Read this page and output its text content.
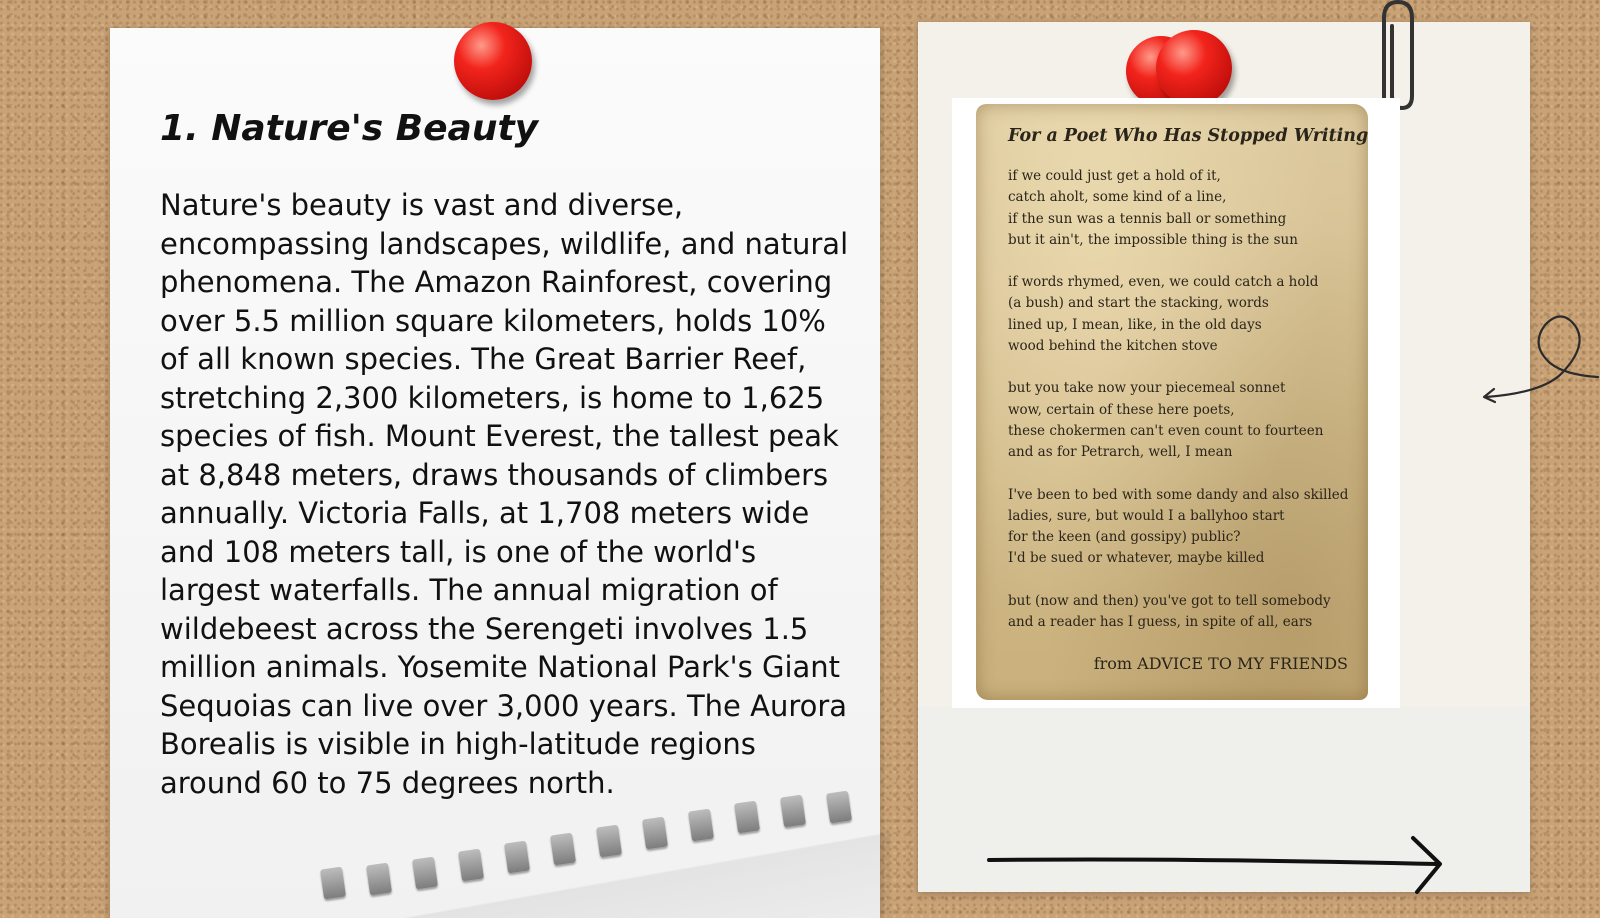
1. Nature's Beauty

Nature's beauty is vast and diverse, encompassing landscapes, wildlife, and natural phenomena. The Amazon Rainforest, covering over 5.5 million square kilometers, holds 10% of all known species. The Great Barrier Reef, stretching 2,300 kilometers, is home to 1,625 species of fish. Mount Everest, the tallest peak at 8,848 meters, draws thousands of climbers annually. Victoria Falls, at 1,708 meters wide and 108 meters tall, is one of the world's largest waterfalls. The annual migration of wildebeest across the Serengeti involves 1.5 million animals. Yosemite National Park's Giant Sequoias can live over 3,000 years. The Aurora Borealis is visible in high-latitude regions around 60 to 75 degrees north.

For a Poet Who Has Stopped Writing
if we could just get a hold of it,
catch aholt, some kind of a line,
if the sun was a tennis ball or something
but it ain't, the impossible thing is the sun
if words rhymed, even, we could catch a hold
(a bush) and start the stacking, words
lined up, I mean, like, in the old days
wood behind the kitchen stove
but you take now your piecemeal sonnet
wow, certain of these here poets,
these chokermen can't even count to fourteen
and as for Petrarch, well, I mean
I've been to bed with some dandy and also skilled
ladies, sure, but would I a ballyhoo start
for the keen (and gossipy) public?
I'd be sued or whatever, maybe killed
but (now and then) you've got to tell somebody
and a reader has I guess, in spite of all, ears

from ADVICE TO MY FRIENDS
